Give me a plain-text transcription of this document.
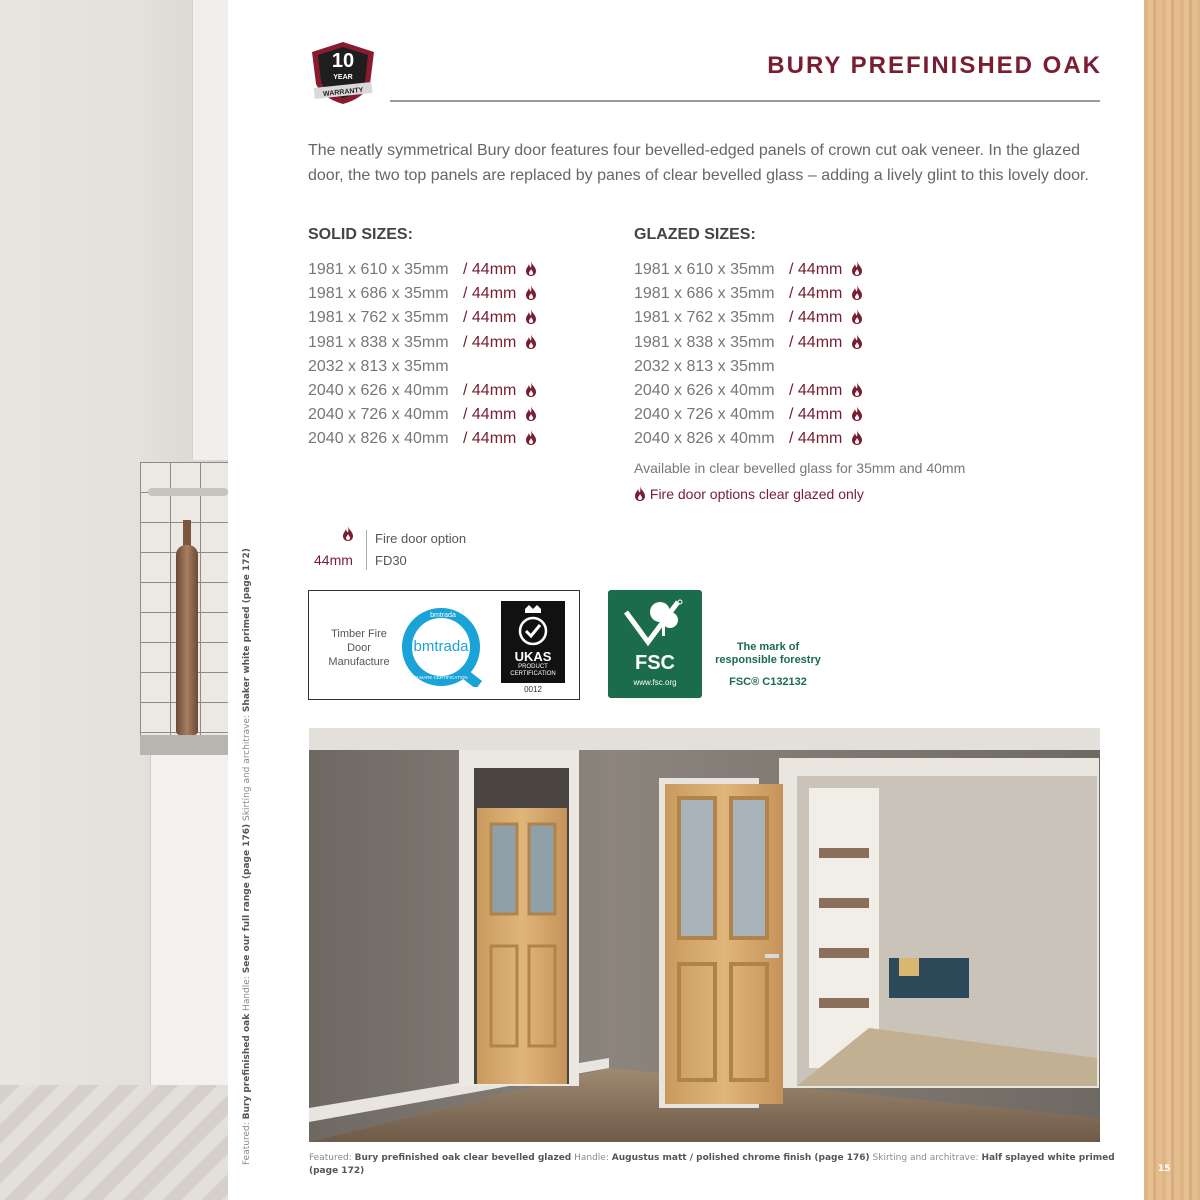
Featured: Bury prefinished oak Handle: See our full range (page 176) Skirting and architrave: Shaker white primed (page 172)
15
10
YEAR
WARRANTY
BURY PREFINISHED OAK

The neatly symmetrical Bury door features four bevelled-edged panels of crown cut oak veneer. In the glazed door, the two top panels are replaced by panes of clear bevelled glass – adding a lively glint to this lovely door.

SOLID SIZES:
1981 x 610 x 35mm / 44mm
1981 x 686 x 35mm / 44mm
1981 x 762 x 35mm / 44mm
1981 x 838 x 35mm / 44mm
2032 x 813 x 35mm
2040 x 626 x 40mm / 44mm
2040 x 726 x 40mm / 44mm
2040 x 826 x 40mm / 44mm
GLAZED SIZES:
1981 x 610 x 35mm / 44mm
1981 x 686 x 35mm / 44mm
1981 x 762 x 35mm / 44mm
1981 x 838 x 35mm / 44mm
2032 x 813 x 35mm
2040 x 626 x 40mm / 44mm
2040 x 726 x 40mm / 44mm
2040 x 826 x 40mm / 44mm
Available in clear bevelled glass for 35mm and 40mm
Fire door options clear glazed only
44mm
Fire door option
FD30
Timber Fire Door Manufacture
bmtrada
bmtrada
Q-MARK CERTIFICATION
UKAS
PRODUCT CERTIFICATION
0012
FSC
www.fsc.org
The mark of responsible forestry
FSC® C132132
Featured: Bury prefinished oak clear bevelled glazed Handle: Augustus matt / polished chrome finish (page 176) Skirting and architrave: Half splayed white primed (page 172)
